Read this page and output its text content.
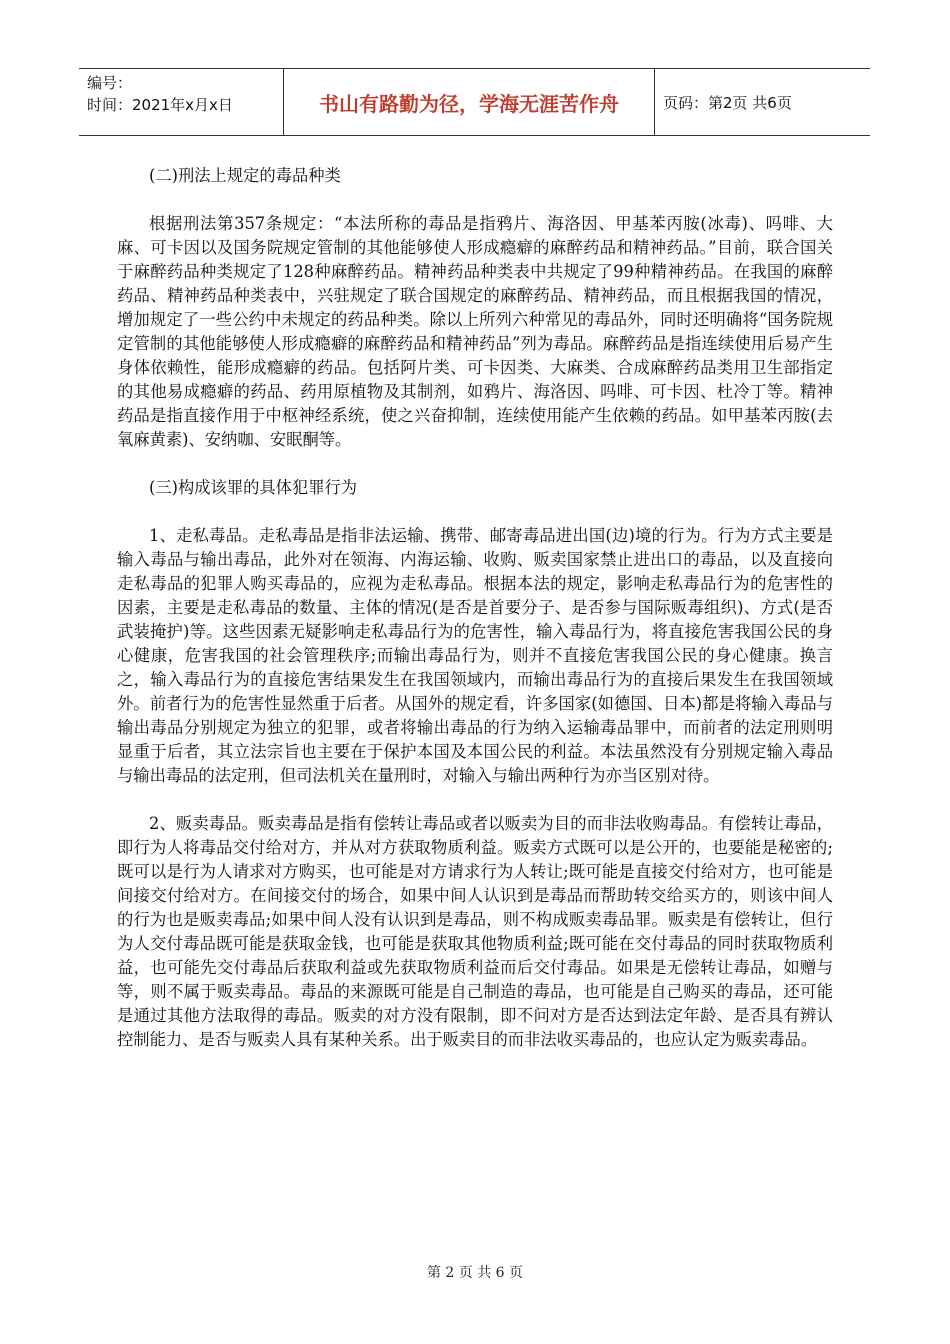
编号：
时间：2021年x月x日	书山有路勤为径，学海无涯苦作舟	页码：第2页 共6页

(二)刑法上规定的毒品种类

根据刑法第357条规定：“本法所称的毒品是指鸦片、海洛因、甲基苯丙胺(冰毒)、吗啡、大麻、可卡因以及国务院规定管制的其他能够使人形成瘾癖的麻醉药品和精神药品。”目前，联合国关于麻醉药品种类规定了128种麻醉药品。精神药品种类表中共规定了99种精神药品。在我国的麻醉药品、精神药品种类表中，兴驻规定了联合国规定的麻醉药品、精神药品，而且根据我国的情况，增加规定了一些公约中未规定的药品种类。除以上所列六种常见的毒品外，同时还明确将“国务院规定管制的其他能够使人形成瘾癖的麻醉药品和精神药品”列为毒品。麻醉药品是指连续使用后易产生身体依赖性，能形成瘾癖的药品。包括阿片类、可卡因类、大麻类、合成麻醉药品类用卫生部指定的其他易成瘾癖的药品、药用原植物及其制剂，如鸦片、海洛因、吗啡、可卡因、杜冷丁等。精神药品是指直接作用于中枢神经系统，使之兴奋抑制，连续使用能产生依赖的药品。如甲基苯丙胺(去氧麻黄素)、安纳咖、安眠酮等。

(三)构成该罪的具体犯罪行为

1、走私毒品。走私毒品是指非法运输、携带、邮寄毒品进出国(边)境的行为。行为方式主要是输入毒品与输出毒品，此外对在领海、内海运输、收购、贩卖国家禁止进出口的毒品，以及直接向走私毒品的犯罪人购买毒品的，应视为走私毒品。根据本法的规定，影响走私毒品行为的危害性的因素，主要是走私毒品的数量、主体的情况(是否是首要分子、是否参与国际贩毒组织)、方式(是否武装掩护)等。这些因素无疑影响走私毒品行为的危害性，输入毒品行为，将直接危害我国公民的身心健康，危害我国的社会管理秩序;而输出毒品行为，则并不直接危害我国公民的身心健康。换言之，输入毒品行为的直接危害结果发生在我国领域内，而输出毒品行为的直接后果发生在我国领域外。前者行为的危害性显然重于后者。从国外的规定看，许多国家(如德国、日本)都是将输入毒品与输出毒品分别规定为独立的犯罪，或者将输出毒品的行为纳入运输毒品罪中，而前者的法定刑则明显重于后者，其立法宗旨也主要在于保护本国及本国公民的利益。本法虽然没有分别规定输入毒品与输出毒品的法定刑，但司法机关在量刑时，对输入与输出两种行为亦当区别对待。

2、贩卖毒品。贩卖毒品是指有偿转让毒品或者以贩卖为目的而非法收购毒品。有偿转让毒品，即行为人将毒品交付给对方，并从对方获取物质利益。贩卖方式既可以是公开的，也要能是秘密的;既可以是行为人请求对方购买，也可能是对方请求行为人转让;既可能是直接交付给对方，也可能是间接交付给对方。在间接交付的场合，如果中间人认识到是毒品而帮助转交给买方的，则该中间人的行为也是贩卖毒品;如果中间人没有认识到是毒品，则不构成贩卖毒品罪。贩卖是有偿转让，但行为人交付毒品既可能是获取金钱，也可能是获取其他物质利益;既可能在交付毒品的同时获取物质利益，也可能先交付毒品后获取利益或先获取物质利益而后交付毒品。如果是无偿转让毒品，如赠与等，则不属于贩卖毒品。毒品的来源既可能是自己制造的毒品，也可能是自己购买的毒品，还可能是通过其他方法取得的毒品。贩卖的对方没有限制，即不问对方是否达到法定年龄、是否具有辨认控制能力、是否与贩卖人具有某种关系。出于贩卖目的而非法收买毒品的，也应认定为贩卖毒品。

第 2 页 共 6 页
